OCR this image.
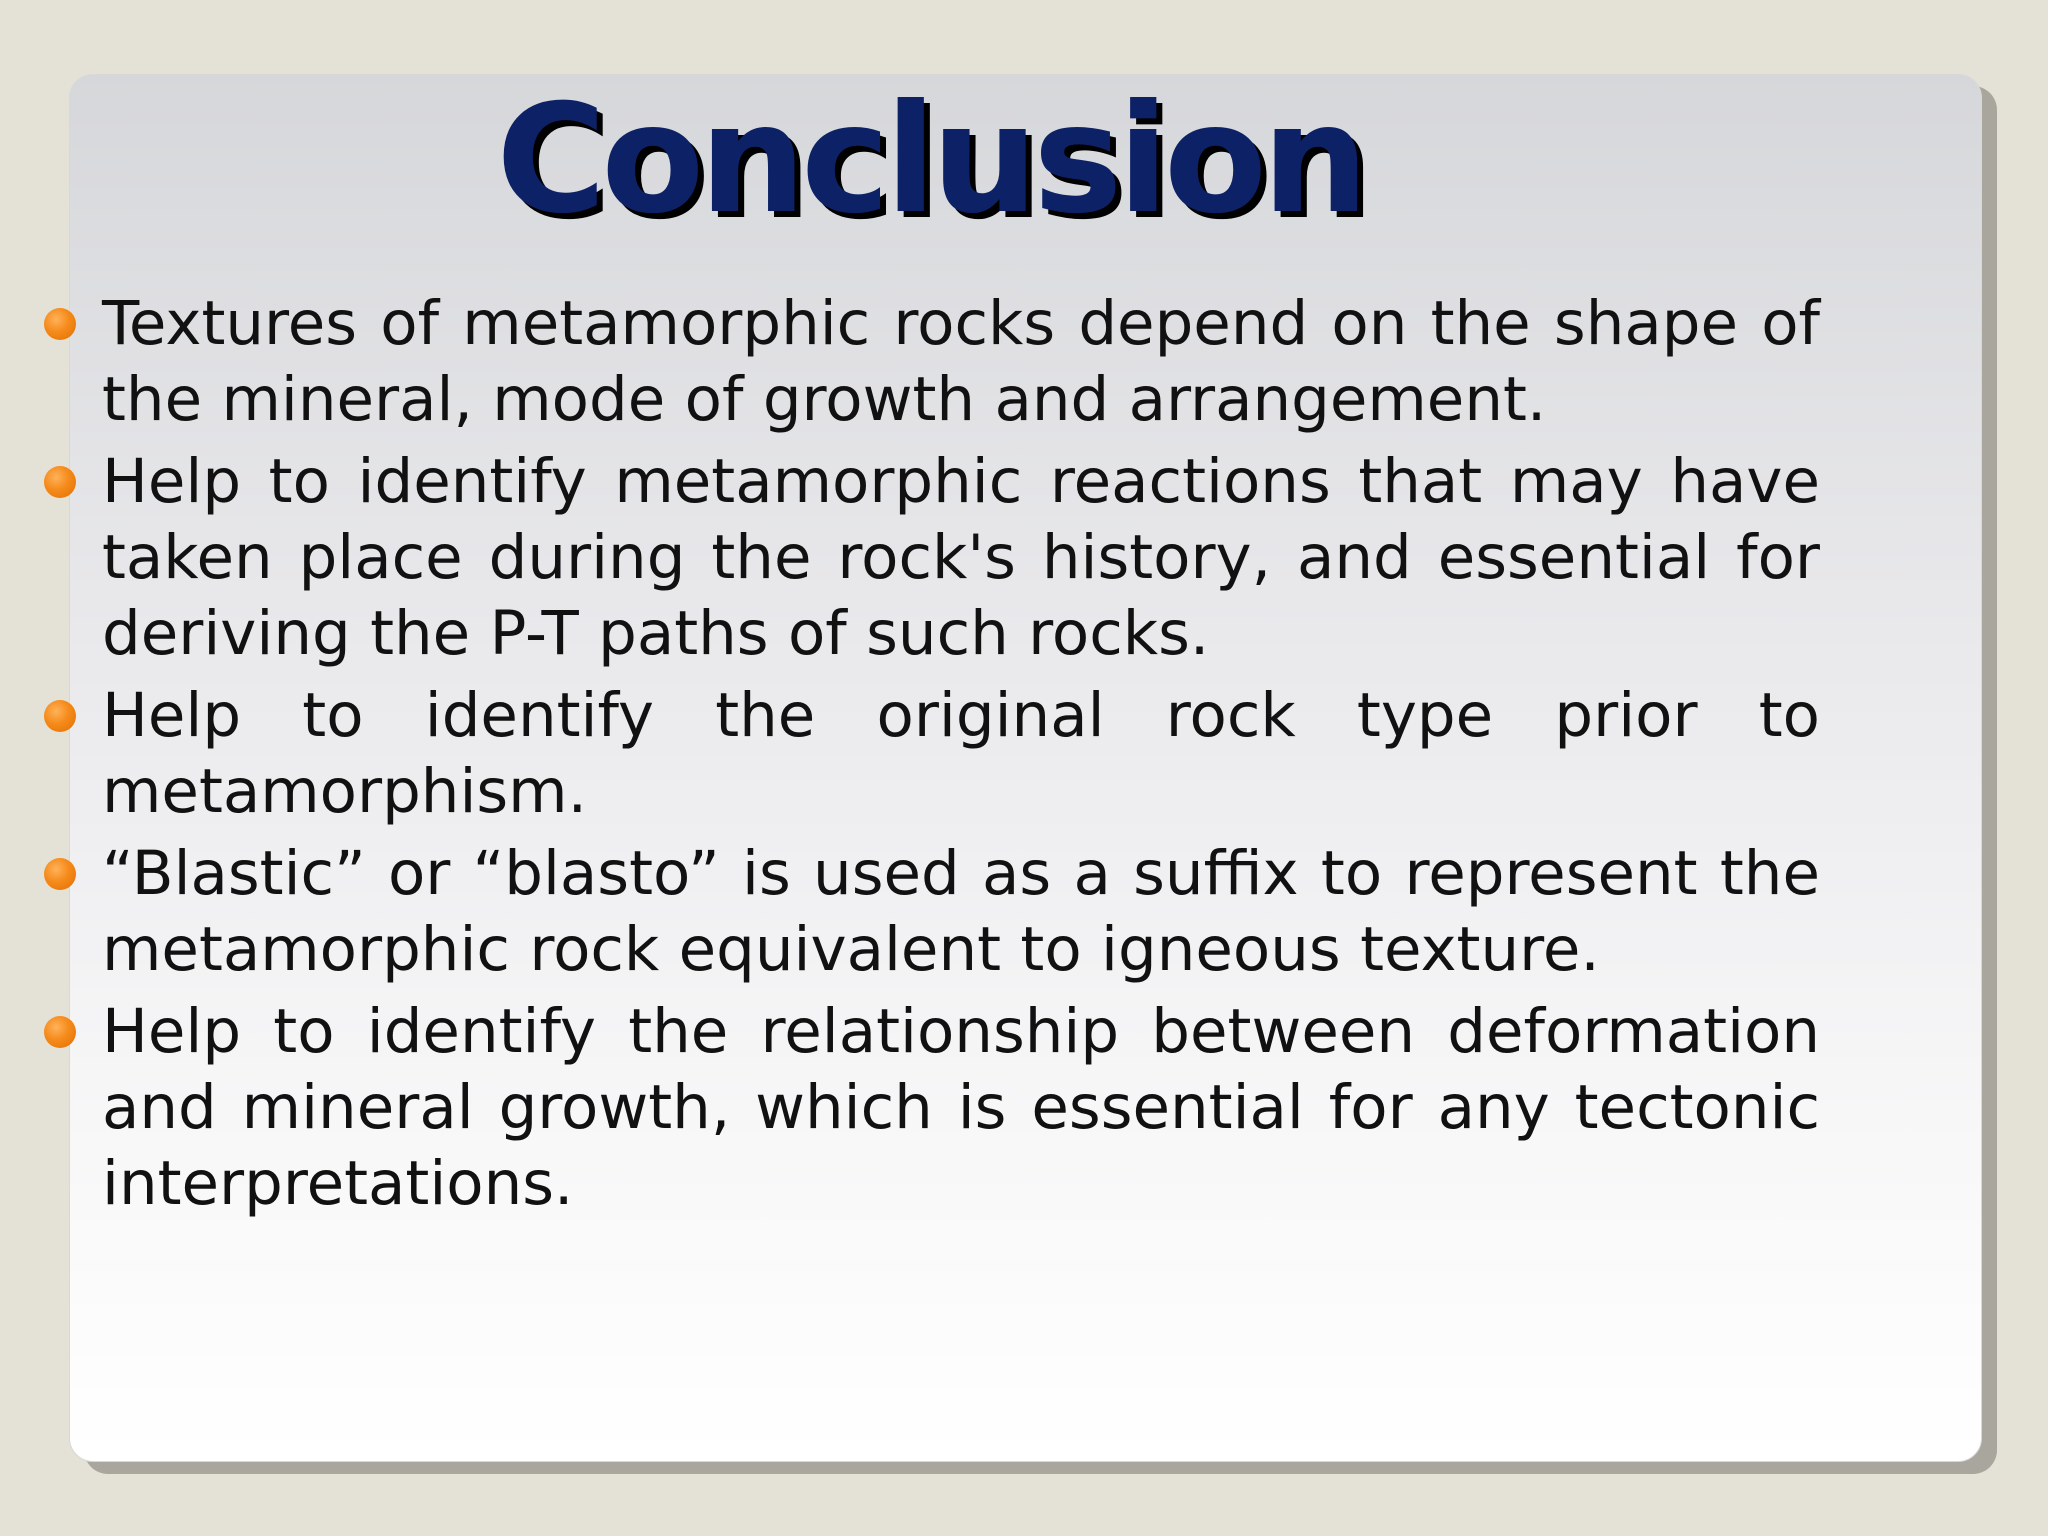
Conclusion
Textures of metamorphic rocks depend on the shape of the mineral, mode of growth and arrangement.
Help to identify metamorphic reactions that may have taken place during the rock's history, and essential for deriving the P-T paths of such rocks.
Help to identify the original rock type prior to metamorphism.
“Blastic” or “blasto” is used as a suffix to represent the metamorphic rock equivalent to igneous texture.
Help to identify the relationship between deformation and mineral growth, which is essential for any tectonic interpretations.
